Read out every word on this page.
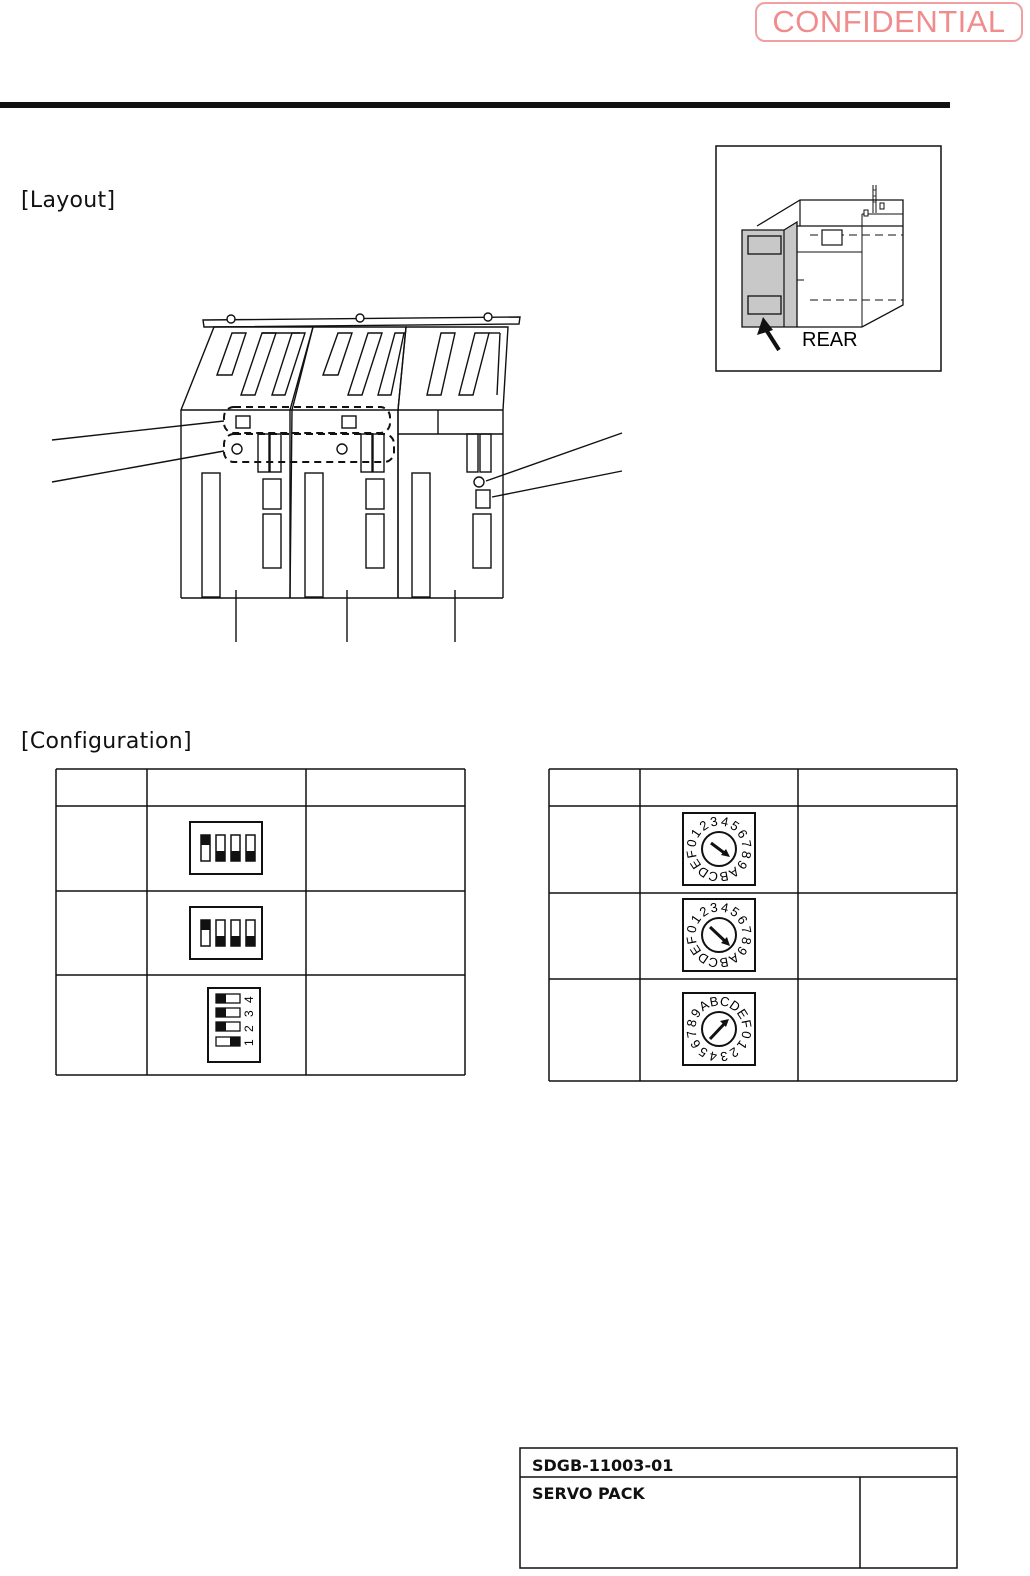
CONFIDENTIAL
[Layout]
[Configuration]
REAR
1
2
3
4
0
1
2
3 4
5
6
7
8
9
A
B
C
D
E
F
0
1
2
3 4
5
6
7
8
9
A
B
C
D
E
F
8
9
A
B C
D
E
F
0
1
2
3
4
5
6
7
SDGB-11003-01
SERVO PACK
